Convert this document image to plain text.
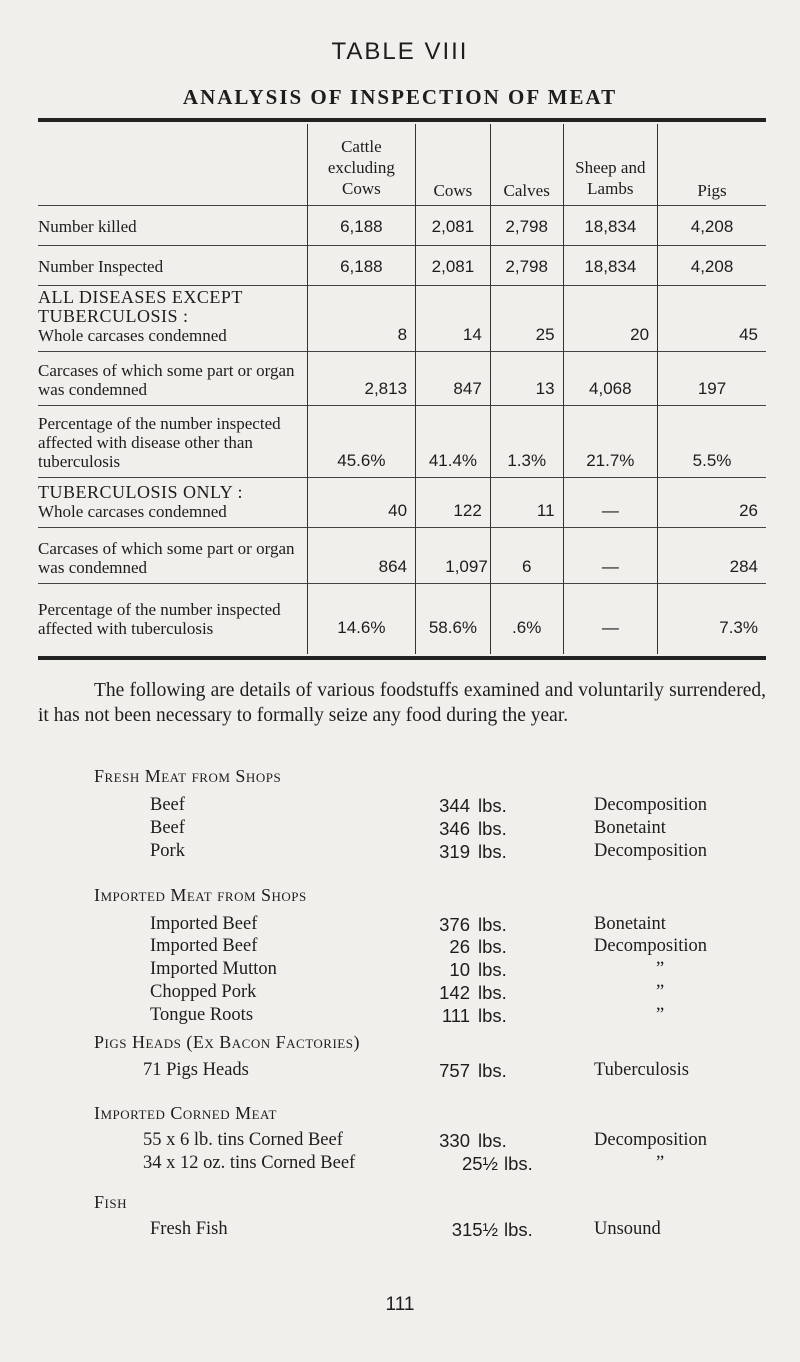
TABLE VIII
ANALYSIS OF INSPECTION OF MEAT
	Cattle excluding Cows	Cows	Calves	Sheep and Lambs	Pigs
Number killed	6,188	2,081	2,798	18,834	4,208
Number Inspected	6,188	2,081	2,798	18,834	4,208

ALL DISEASES EXCEPT TUBERCULOSIS :
Whole carcases condemned	8	14	25	20	45
Carcases of which some part or organ was condemned	2,813	847	13	4,068	197
Percentage of the number inspected affected with disease other than tuberculosis	45.6%	41.4%	1.3%	21.7%	5.5%

TUBERCULOSIS ONLY :
Whole carcases condemned	40	122	11	—	26
Carcases of which some part or organ was condemned	864	1,097	6	—	284
Percentage of the number inspected affected with tuberculosis	14.6%	58.6%	.6%	—	7.3%
The following are details of various foodstuffs examined and voluntarily surrendered, it has not been necessary to formally seize any food during the year.
Fresh Meat from Shops
Beef	344 lbs.	Decomposition
Beef	346 lbs.	Bonetaint
Pork	319 lbs.	Decomposition
Imported Meat from Shops
Imported Beef	376 lbs.	Bonetaint
Imported Beef	26 lbs.	Decomposition
Imported Mutton	10 lbs.	”
Chopped Pork	142 lbs.	”
Tongue Roots	111 lbs.	”
Pigs Heads (Ex Bacon Factories)
71 Pigs Heads	757 lbs.	Tuberculosis
Imported Corned Meat
55 x 6 lb. tins Corned Beef	330 lbs.	Decomposition
34 x 12 oz. tins Corned Beef	25½ lbs.	”
Fish
Fresh Fish	315½ lbs.	Unsound
111
